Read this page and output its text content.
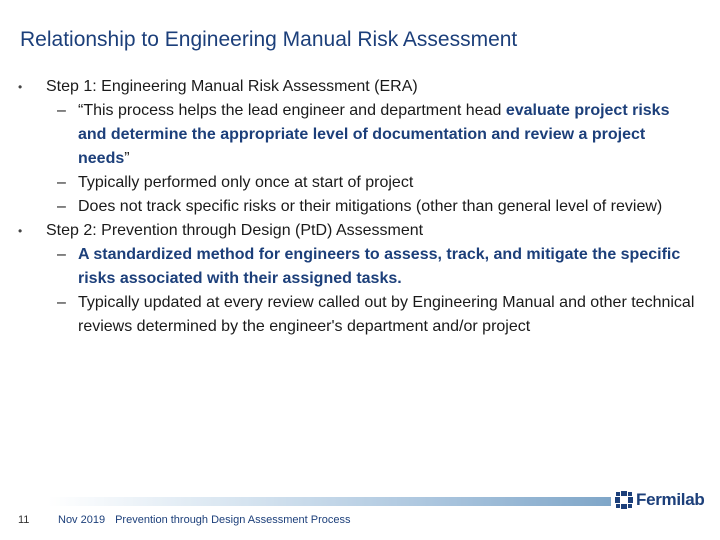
Relationship to Engineering Manual Risk Assessment
• Step 1: Engineering Manual Risk Assessment (ERA)
– “This process helps the lead engineer and department head evaluate project risks and determine the appropriate level of documentation and review a project needs”
– Typically performed only once at start of project
– Does not track specific risks or their mitigations (other than general level of review)
• Step 2: Prevention through Design (PtD) Assessment
– A standardized method for engineers to assess, track, and mitigate the specific risks associated with their assigned tasks.
– Typically updated at every review called out by Engineering Manual and other technical reviews determined by the engineer's department and/or project
11	Nov 2019 Prevention through Design Assessment Process
Fermilab
